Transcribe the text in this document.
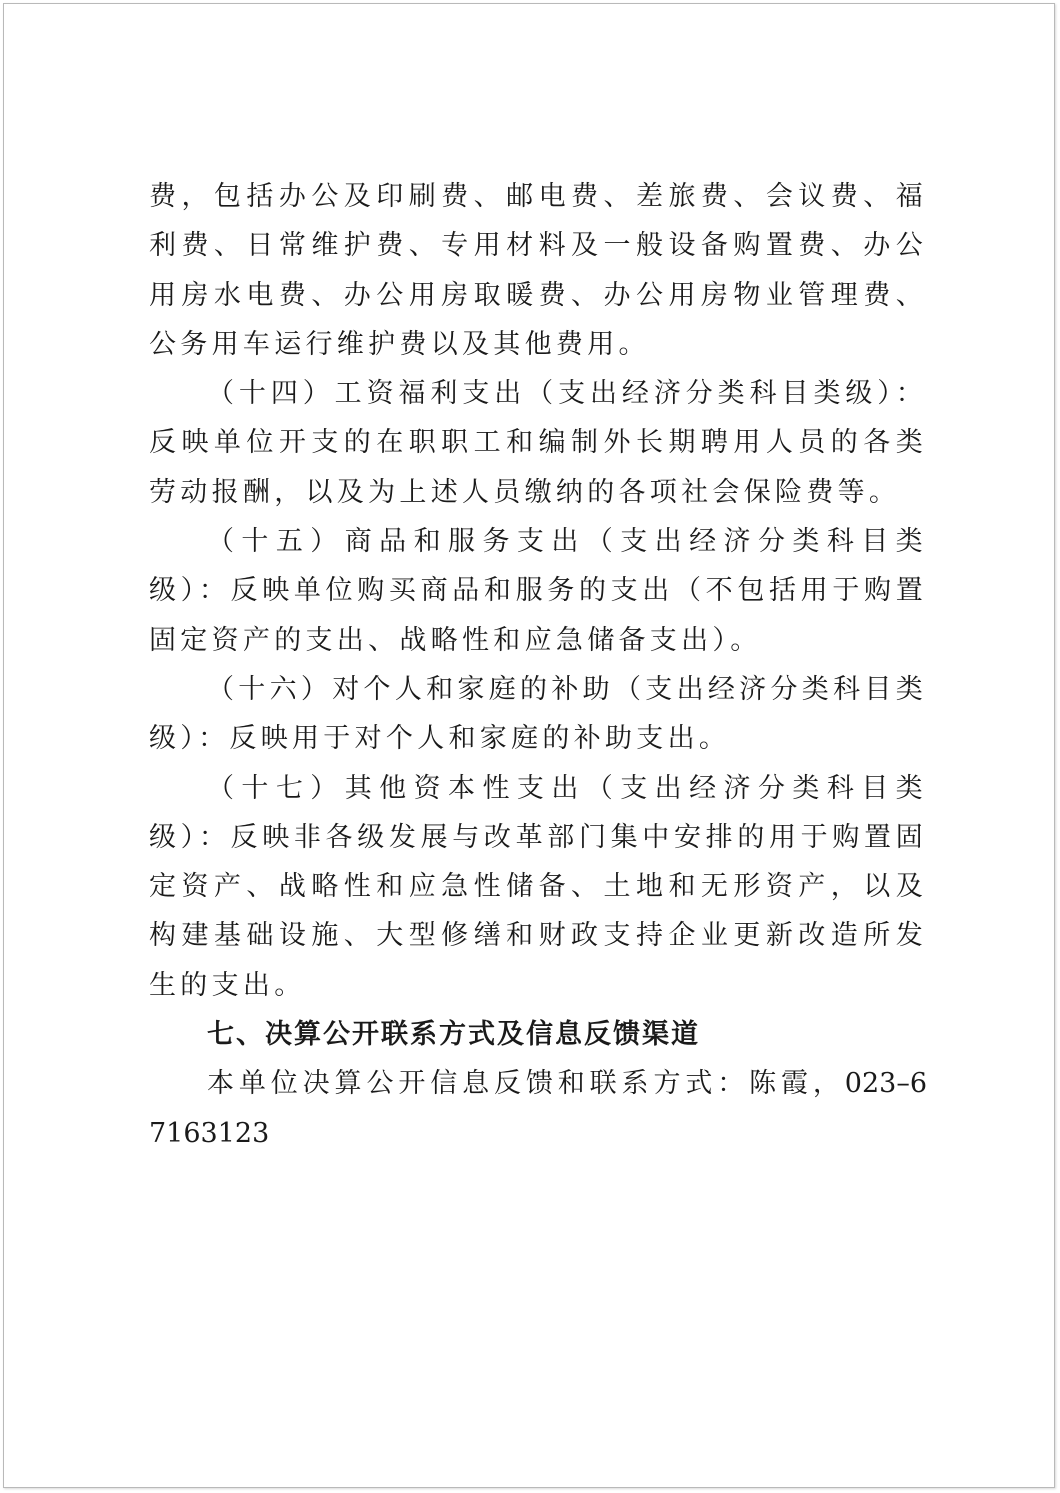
费，包括办公及印刷费、邮电费、差旅费、会议费、福利费、日常维护费、专用材料及一般设备购置费、办公用房水电费、办公用房取暖费、办公用房物业管理费、公务用车运行维护费以及其他费用。

（十四）工资福利支出（支出经济分类科目类级）：反映单位开支的在职职工和编制外长期聘用人员的各类劳动报酬，以及为上述人员缴纳的各项社会保险费等。

（十五）商品和服务支出（支出经济分类科目类级）：反映单位购买商品和服务的支出（不包括用于购置固定资产的支出、战略性和应急储备支出）。

（十六）对个人和家庭的补助（支出经济分类科目类级）：反映用于对个人和家庭的补助支出。

（十七）其他资本性支出（支出经济分类科目类级）：反映非各级发展与改革部门集中安排的用于购置固定资产、战略性和应急性储备、土地和无形资产，以及构建基础设施、大型修缮和财政支持企业更新改造所发生的支出。

七、决算公开联系方式及信息反馈渠道

本单位决算公开信息反馈和联系方式：陈霞，023–67163123
